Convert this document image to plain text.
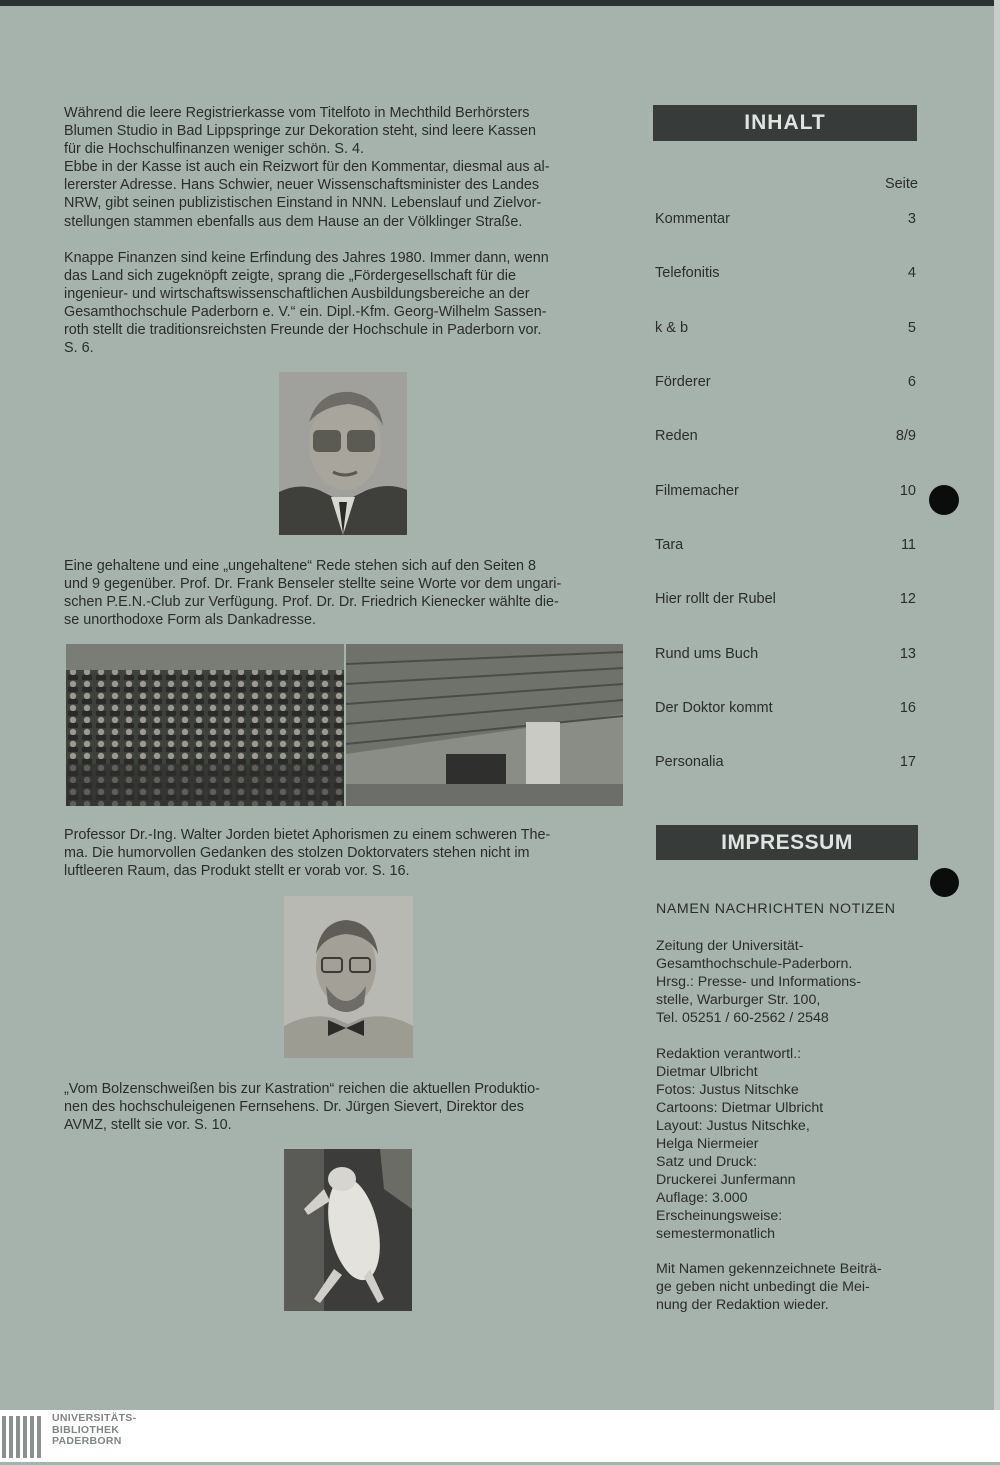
Während die leere Registrierkasse vom Titelfoto in Mechthild Berhörsters
Blumen Studio in Bad Lippspringe zur Dekoration steht, sind leere Kassen
für die Hochschulfinanzen weniger schön. S. 4.
Ebbe in der Kasse ist auch ein Reizwort für den Kommentar, diesmal aus al-
lererster Adresse. Hans Schwier, neuer Wissenschaftsminister des Landes
NRW, gibt seinen publizistischen Einstand in NNN. Lebenslauf und Zielvor-
stellungen stammen ebenfalls aus dem Hause an der Völklinger Straße.
Knappe Finanzen sind keine Erfindung des Jahres 1980. Immer dann, wenn
das Land sich zugeknöpft zeigte, sprang die „Fördergesellschaft für die
ingenieur- und wirtschaftswissenschaftlichen Ausbildungsbereiche an der
Gesamthochschule Paderborn e. V.“ ein. Dipl.-Kfm. Georg-Wilhelm Sassen-
roth stellt die traditionsreichsten Freunde der Hochschule in Paderborn vor.
S. 6.
Eine gehaltene und eine „ungehaltene“ Rede stehen sich auf den Seiten 8
und 9 gegenüber. Prof. Dr. Frank Benseler stellte seine Worte vor dem ungari-
schen P.E.N.-Club zur Verfügung. Prof. Dr. Dr. Friedrich Kienecker wählte die-
se unorthodoxe Form als Dankadresse.
Professor Dr.-Ing. Walter Jorden bietet Aphorismen zu einem schweren The-
ma. Die humorvollen Gedanken des stolzen Doktorvaters stehen nicht im
luftleeren Raum, das Produkt stellt er vorab vor. S. 16.
„Vom Bolzenschweißen bis zur Kastration“ reichen die aktuellen Produktio-
nen des hochschuleigenen Fernsehens. Dr. Jürgen Sievert, Direktor des
AVMZ, stellt sie vor. S. 10.
INHALT
Seite
Kommentar	3
Telefonitis	4
k & b	5
Förderer	6
Reden	8/9
Filmemacher	10
Tara	11
Hier rollt der Rubel	12
Rund ums Buch	13
Der Doktor kommt	16
Personalia	17
IMPRESSUM
NAMEN NACHRICHTEN NOTIZEN
Zeitung der Universität-
Gesamthochschule-Paderborn.
Hrsg.: Presse- und Informations-
stelle, Warburger Str. 100,
Tel. 05251 / 60-2562 / 2548
Redaktion verantwortl.:
Dietmar Ulbricht
Fotos: Justus Nitschke
Cartoons: Dietmar Ulbricht
Layout: Justus Nitschke,
Helga Niermeier
Satz und Druck:
Druckerei Junfermann
Auflage: 3.000
Erscheinungsweise:
semestermonatlich
Mit Namen gekennzeichnete Beiträ-
ge geben nicht unbedingt die Mei-
nung der Redaktion wieder.
UNIVERSITÄTS-
BIBLIOTHEK
PADERBORN
